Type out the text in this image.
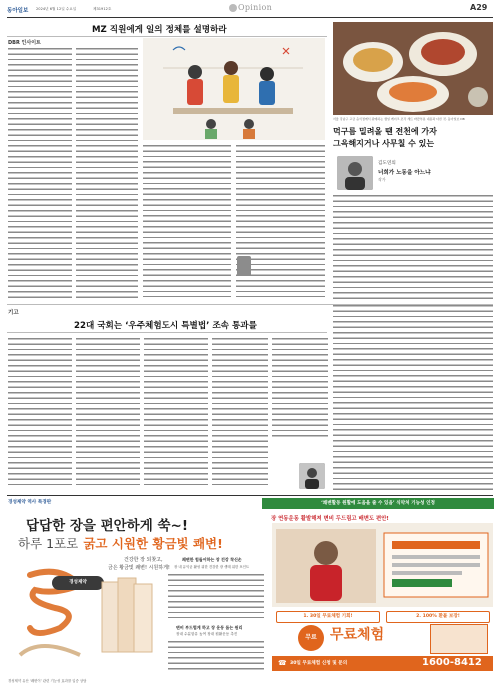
동아일보 2024년 6월 12일 수요일	제31912호	Opinion	A29
MZ 직원에게 일의 정체를 설명하라
DBR 인사이트
서울 강남구 고급 음식점에서 판매하는 생일 케이크 조각 세트 바깥부분 내용과 다른 것. 동아일보 DB
먹구름 밀려올 땐 전천에 가자
그윽해지거나 사무칠 수 있는
김도연의
너희가 노동을 아느냐
작가
기고
22대 국회는 ‘우주체험도시 특별법’ 조속 통과를
경성제약 역사 특경판	‘쾌변활동 원활에 도움을 줄 수 있음’ 식약처 기능성 인정
답답한 장을 편안하게 쑥~!
하루 1포로 굵고 시원한 황금빛 쾌변!
건강한 장 되찾고,
금은 황금빛 쾌변! 시원하게!
경성제약
쾌변한 힘들어하는 장 건강 착신손
장 내 유익균 활성 위한 건강한 장 생태 위한 포인트
변비 부드럽게 하고 장 운동 돕는 원리
장내 수분함유 높여 장내 원활운동 촉진
장 연동운동 활발해져 변비 두드림고 배변도 편안!
1. 30일 무료체험 기회!	2. 100% 환불 보장!
무료 무료체험
☎ 30일 무료체험 신청 및 문의	1600-8412
경성제약 유산 ‘쾌변이’ 관련 기능성 효과를 입증 상담
